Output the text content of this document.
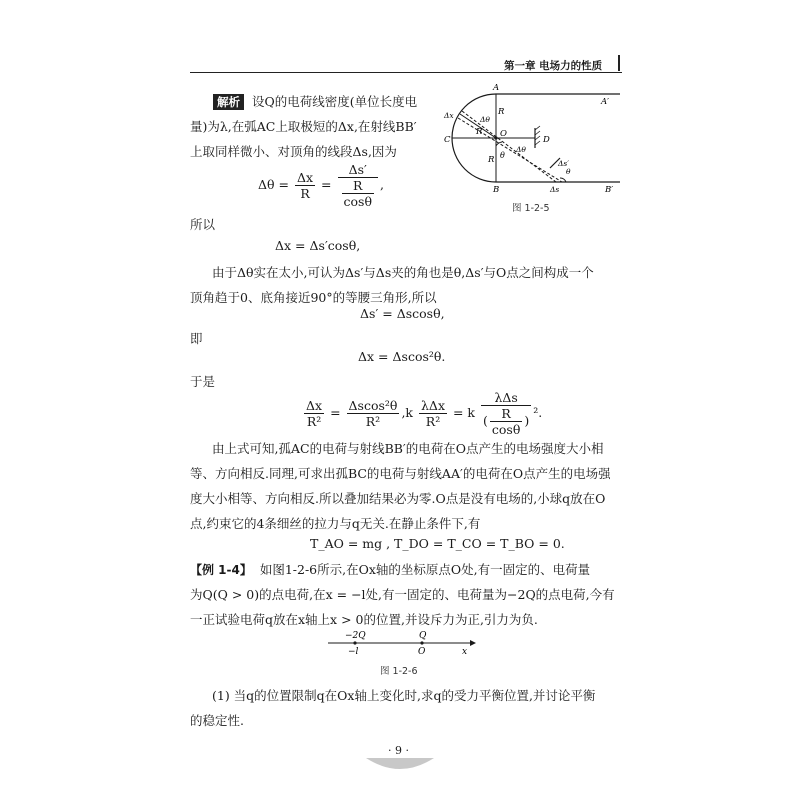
第一章 电场力的性质
解析 设Q的电荷线密度(单位长度电
量)为λ,在弧AC上取极短的Δx,在射线BB′
上取同样微小、对顶角的线段Δs,因为
$\Delta\theta = \frac{\Delta x}{R} = \frac{\Delta s'}{\frac{R}{\cos\theta}}$ ,
所以
Δx = Δs′cosθ,
由于Δθ实在太小,可认为Δs′与Δs夹的角也是θ,Δs′与O点之间构成一个
顶角趋于0、底角接近90°的等腰三角形,所以
Δs′ = Δscosθ,
即
Δx = Δscos²θ.
于是
$\frac{\Delta x}{\text{R²}} = \frac{\text{Δscos²θ}}{\text{R²}} ,k \frac{\text{λΔx}}{\text{R²}} = k \frac{\text{λΔs}}{( \frac{R}{\cos\theta} )} ^2$.
由上式可知,孤AC的电荷与射线BB′的电荷在O点产生的电场强度大小相
等、方向相反.同理,可求出孤BC的电荷与射线AA′的电荷在O点产生的电场强
度大小相等、方向相反.所以叠加结果必为零.O点是没有电场的,小球q放在O
点,约束它的4条细丝的拉力与q无关.在静止条件下,有
T_AO = mg , T_DO = T_CO = T_BO = 0.
【例 1-4】 如图1-2-6所示,在Ox轴的坐标原点O处,有一固定的、电荷量
为Q(Q > 0)的点电荷,在x = −l处,有一固定的、电荷量为−2Q的点电荷,今有
一正试验电荷q放在x轴上x > 0的位置,并设斥力为正,引力为负.
−2Q	Q
−l	O	x
图 1-2-6
(1) 当q的位置限制q在Ox轴上变化时,求q的受力平衡位置,并讨论平衡
的稳定性.
A
A′
B	B′
C	D
O
R
R
R
Δx	Δθ
Δθ
θ
Δs′
θ
Δs
图 1-2-5
· 9 ·
